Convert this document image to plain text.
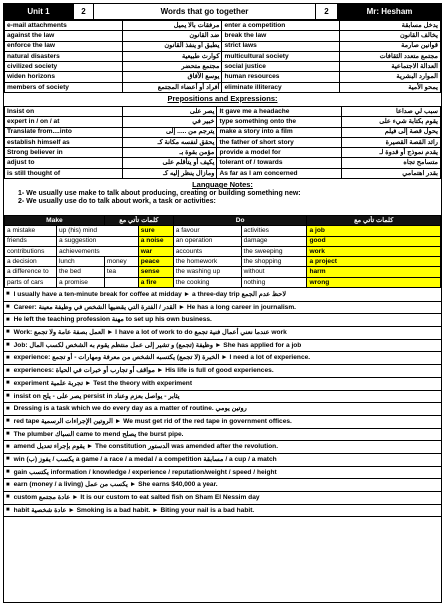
Unit 1	2	Words that go together	2	Mr: Hesham
e-mail attachments	مرفقات بالا يميل	enter a competition	يدخل مسابقة
against the law	ضد القانون	break the law	يخالف القانون
enforce the law	يطبق أو ينفذ القانون	strict laws	قوانين صارمة
natural disasters	كوارث طبيعية	multicultural society	مجتمع متعدد الثقافات
civilized society	مجتمع متحضر	social justice	العدالة الاجتماعية
widen horizons	يوسع الآفاق	human resources	الموارد البشرية
members of society	أفراد أو أعضاء المجتمع	eliminate illiteracy	يمحو الأمية
Prepositions and Expressions:
Insist on	يصر على	It gave me a headache	سبب لي صداعا
expert in / on / at	خبير في	type something onto the	يقوم بكتابة شيء على
Translate from....into	يترجم من ..... إلى	make a story into a film	يحول قصة إلى فيلم
establish himself as	يحقق لنفسه مكانة كـ	the father of short story	رائد القصة القصيرة
Strong believer in	مؤمن بقوة بـ	provide a model for	يقدم نموذج أو قدوة لـ
adjust to	يكيف أو يتأقلم على	tolerant of / towards	متسامح تجاه
is still thought of	ومازال ينظر إليه كـ	As far as I am concerned	بقدر اهتمامي
Language Notes:
1- We usually use make to talk about producing, creating or building something new:
2- We usually use do to talk about work, a task or activities:
Make		كلمات تأتي مع		Do		كلمات تأتي مع
a mistake	up (his) mind		sure	a favour	activities	a job
friends	a suggestion		a noise	an operation	damage	good
contributions	achievements		war	accounts	the sweeping	work
a decision	lunch	money	peace	the homework	the shopping	a project
a difference to	the bed	tea	sense	the washing up	without	harm
parts of cars	a promise		a fire	the cooking	nothing	wrong
■ I usually have a ten-minute break for coffee at midday ► a three-day trip لاحظ عدم الجمع
■ Career: القدر / الفترة التي يقضيها الشخص في وظيفة معينة ► He has a long career in journalism.
■ He left the teaching profession مهنة to set up his own business.
■ Work: العمل بصفة عامة ولا تجمع ► I have a lot of work to do عندما نعني أعمال فنية تجمع work
■ Job: وظيفة (تجمع) و تشير إلى عمل منتظم يقوم به الشخص لكسب المال ► She has applied for a job
■ experience: الخبرة (لا تجمع) يكتسبه الشخص من معرفة ومهارات - أو تجمع ► I need a lot of experience.
■ experiences: مواقف أو تجارب أو خبرات في الحياة ► His life is full of good experiences.
■ experiment تجربة علمية ► Test the theory with experiment
■ insist on يصر على - يلح persist in يثابر - يواصل بعزم وعناد
■ Dressing is a task which we do every day as a matter of routine. روتين يومي
■ red tape الروتين الإجراءات الرسمية ► We must get rid of the red tape in government offices.
■ The plumber السباك came to mend يصلح the burst pipe.
■ amend يقوم بإجراء تعديل ► The constitution الدستور was amended after the revolution.
■ win (ب) يكسب / يفوز a game / a race / a medal / a competition مسابقة / a cup / a match
■ gain يكتسب information / knowledge / experience / reputation/weight / speed / height
■ earn (money / a living) يكسب من عمل ► She earns $40,000 a year.
■ custom عادة مجتمع ► It is our custom to eat salted fish on Sham El Nessim day
■ habit عادة شخصية ► Smoking is a bad habit. ► Biting your nail is a bad habit.
